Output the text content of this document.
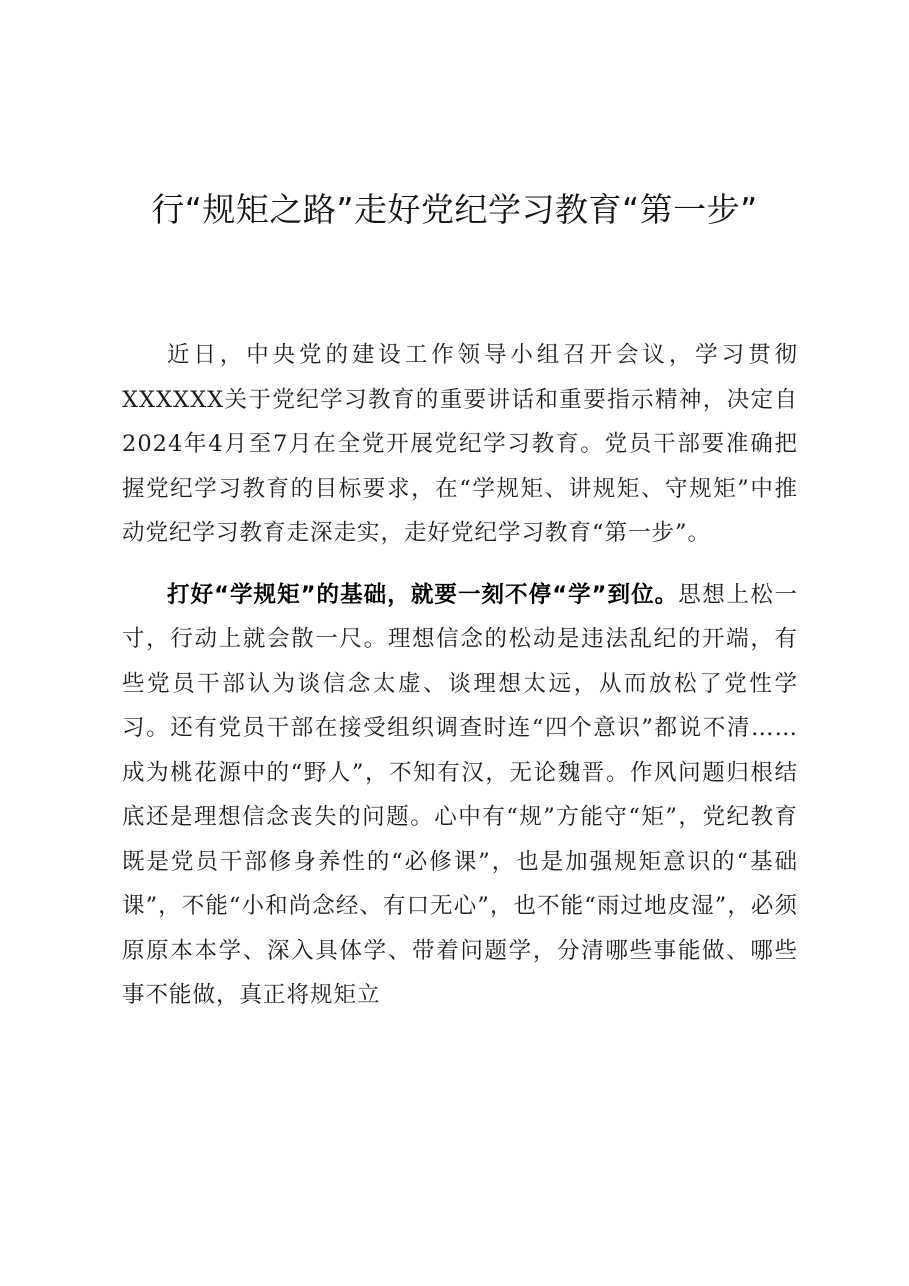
行“规矩之路”走好党纪学习教育“第一步”

近日，中央党的建设工作领导小组召开会议，学习贯彻XXXXXX关于党纪学习教育的重要讲话和重要指示精神，决定自2024年4月至7月在全党开展党纪学习教育。党员干部要准确把握党纪学习教育的目标要求，在“学规矩、讲规矩、守规矩”中推动党纪学习教育走深走实，走好党纪学习教育“第一步”。

打好“学规矩”的基础，就要一刻不停“学”到位。思想上松一寸，行动上就会散一尺。理想信念的松动是违法乱纪的开端，有些党员干部认为谈信念太虚、谈理想太远，从而放松了党性学习。还有党员干部在接受组织调查时连“四个意识”都说不清……成为桃花源中的“野人”，不知有汉，无论魏晋。作风问题归根结底还是理想信念丧失的问题。心中有“规”方能守“矩”，党纪教育既是党员干部修身养性的“必修课”，也是加强规矩意识的“基础课”，不能“小和尚念经、有口无心”，也不能“雨过地皮湿”，必须原原本本学、深入具体学、带着问题学，分清哪些事能做、哪些事不能做，真正将规矩立
